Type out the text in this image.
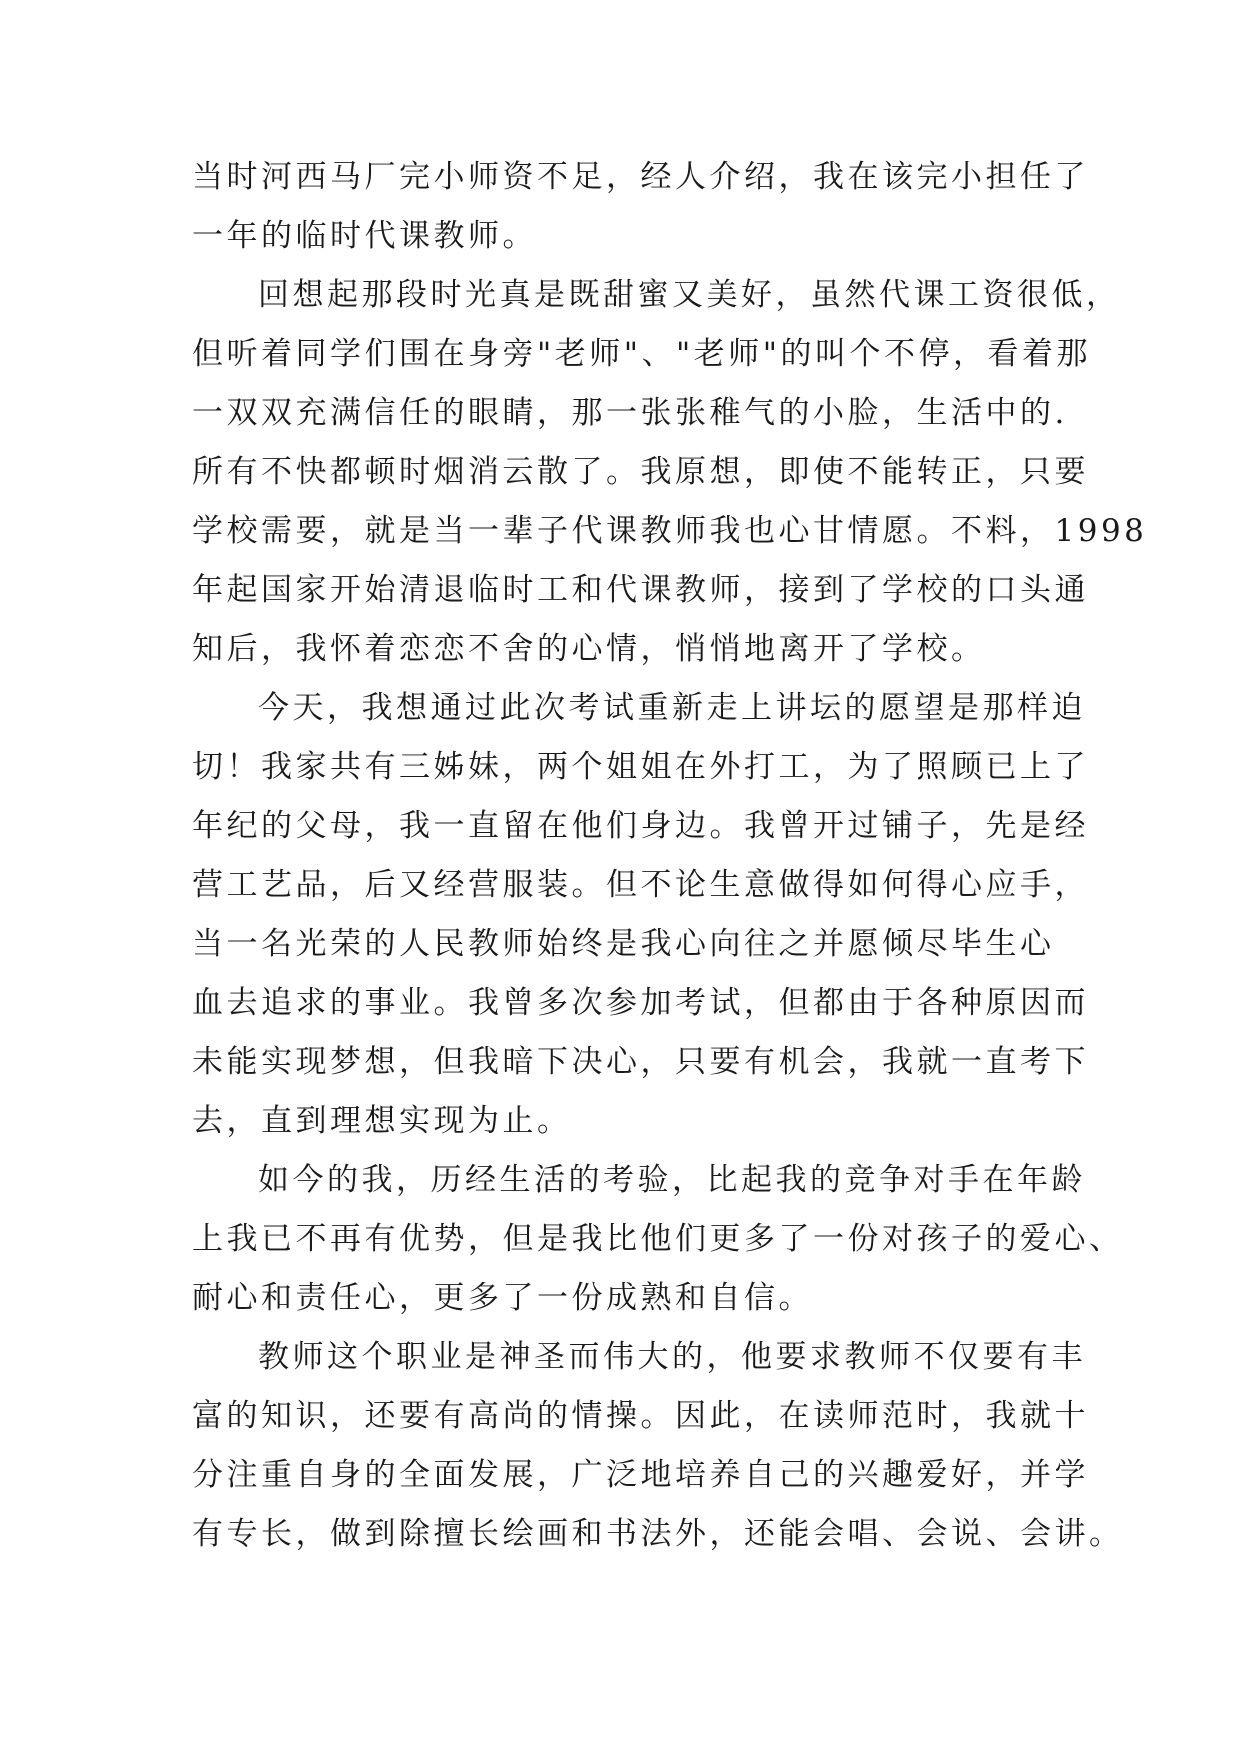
当时河西马厂完小师资不足，经人介绍，我在该完小担任了
一年的临时代课教师。
回想起那段时光真是既甜蜜又美好，虽然代课工资很低，
但听着同学们围在身旁"老师"、"老师"的叫个不停，看着那
一双双充满信任的眼睛，那一张张稚气的小脸，生活中的.
所有不快都顿时烟消云散了。我原想，即使不能转正，只要
学校需要，就是当一辈子代课教师我也心甘情愿。不料，1998
年起国家开始清退临时工和代课教师，接到了学校的口头通
知后，我怀着恋恋不舍的心情，悄悄地离开了学校。
今天，我想通过此次考试重新走上讲坛的愿望是那样迫
切！我家共有三姊妹，两个姐姐在外打工，为了照顾已上了
年纪的父母，我一直留在他们身边。我曾开过铺子，先是经
营工艺品，后又经营服装。但不论生意做得如何得心应手，
当一名光荣的人民教师始终是我心向往之并愿倾尽毕生心
血去追求的事业。我曾多次参加考试，但都由于各种原因而
未能实现梦想，但我暗下决心，只要有机会，我就一直考下
去，直到理想实现为止。
如今的我，历经生活的考验，比起我的竞争对手在年龄
上我已不再有优势，但是我比他们更多了一份对孩子的爱心、
耐心和责任心，更多了一份成熟和自信。
教师这个职业是神圣而伟大的，他要求教师不仅要有丰
富的知识，还要有高尚的情操。因此，在读师范时，我就十
分注重自身的全面发展，广泛地培养自己的兴趣爱好，并学
有专长，做到除擅长绘画和书法外，还能会唱、会说、会讲。
